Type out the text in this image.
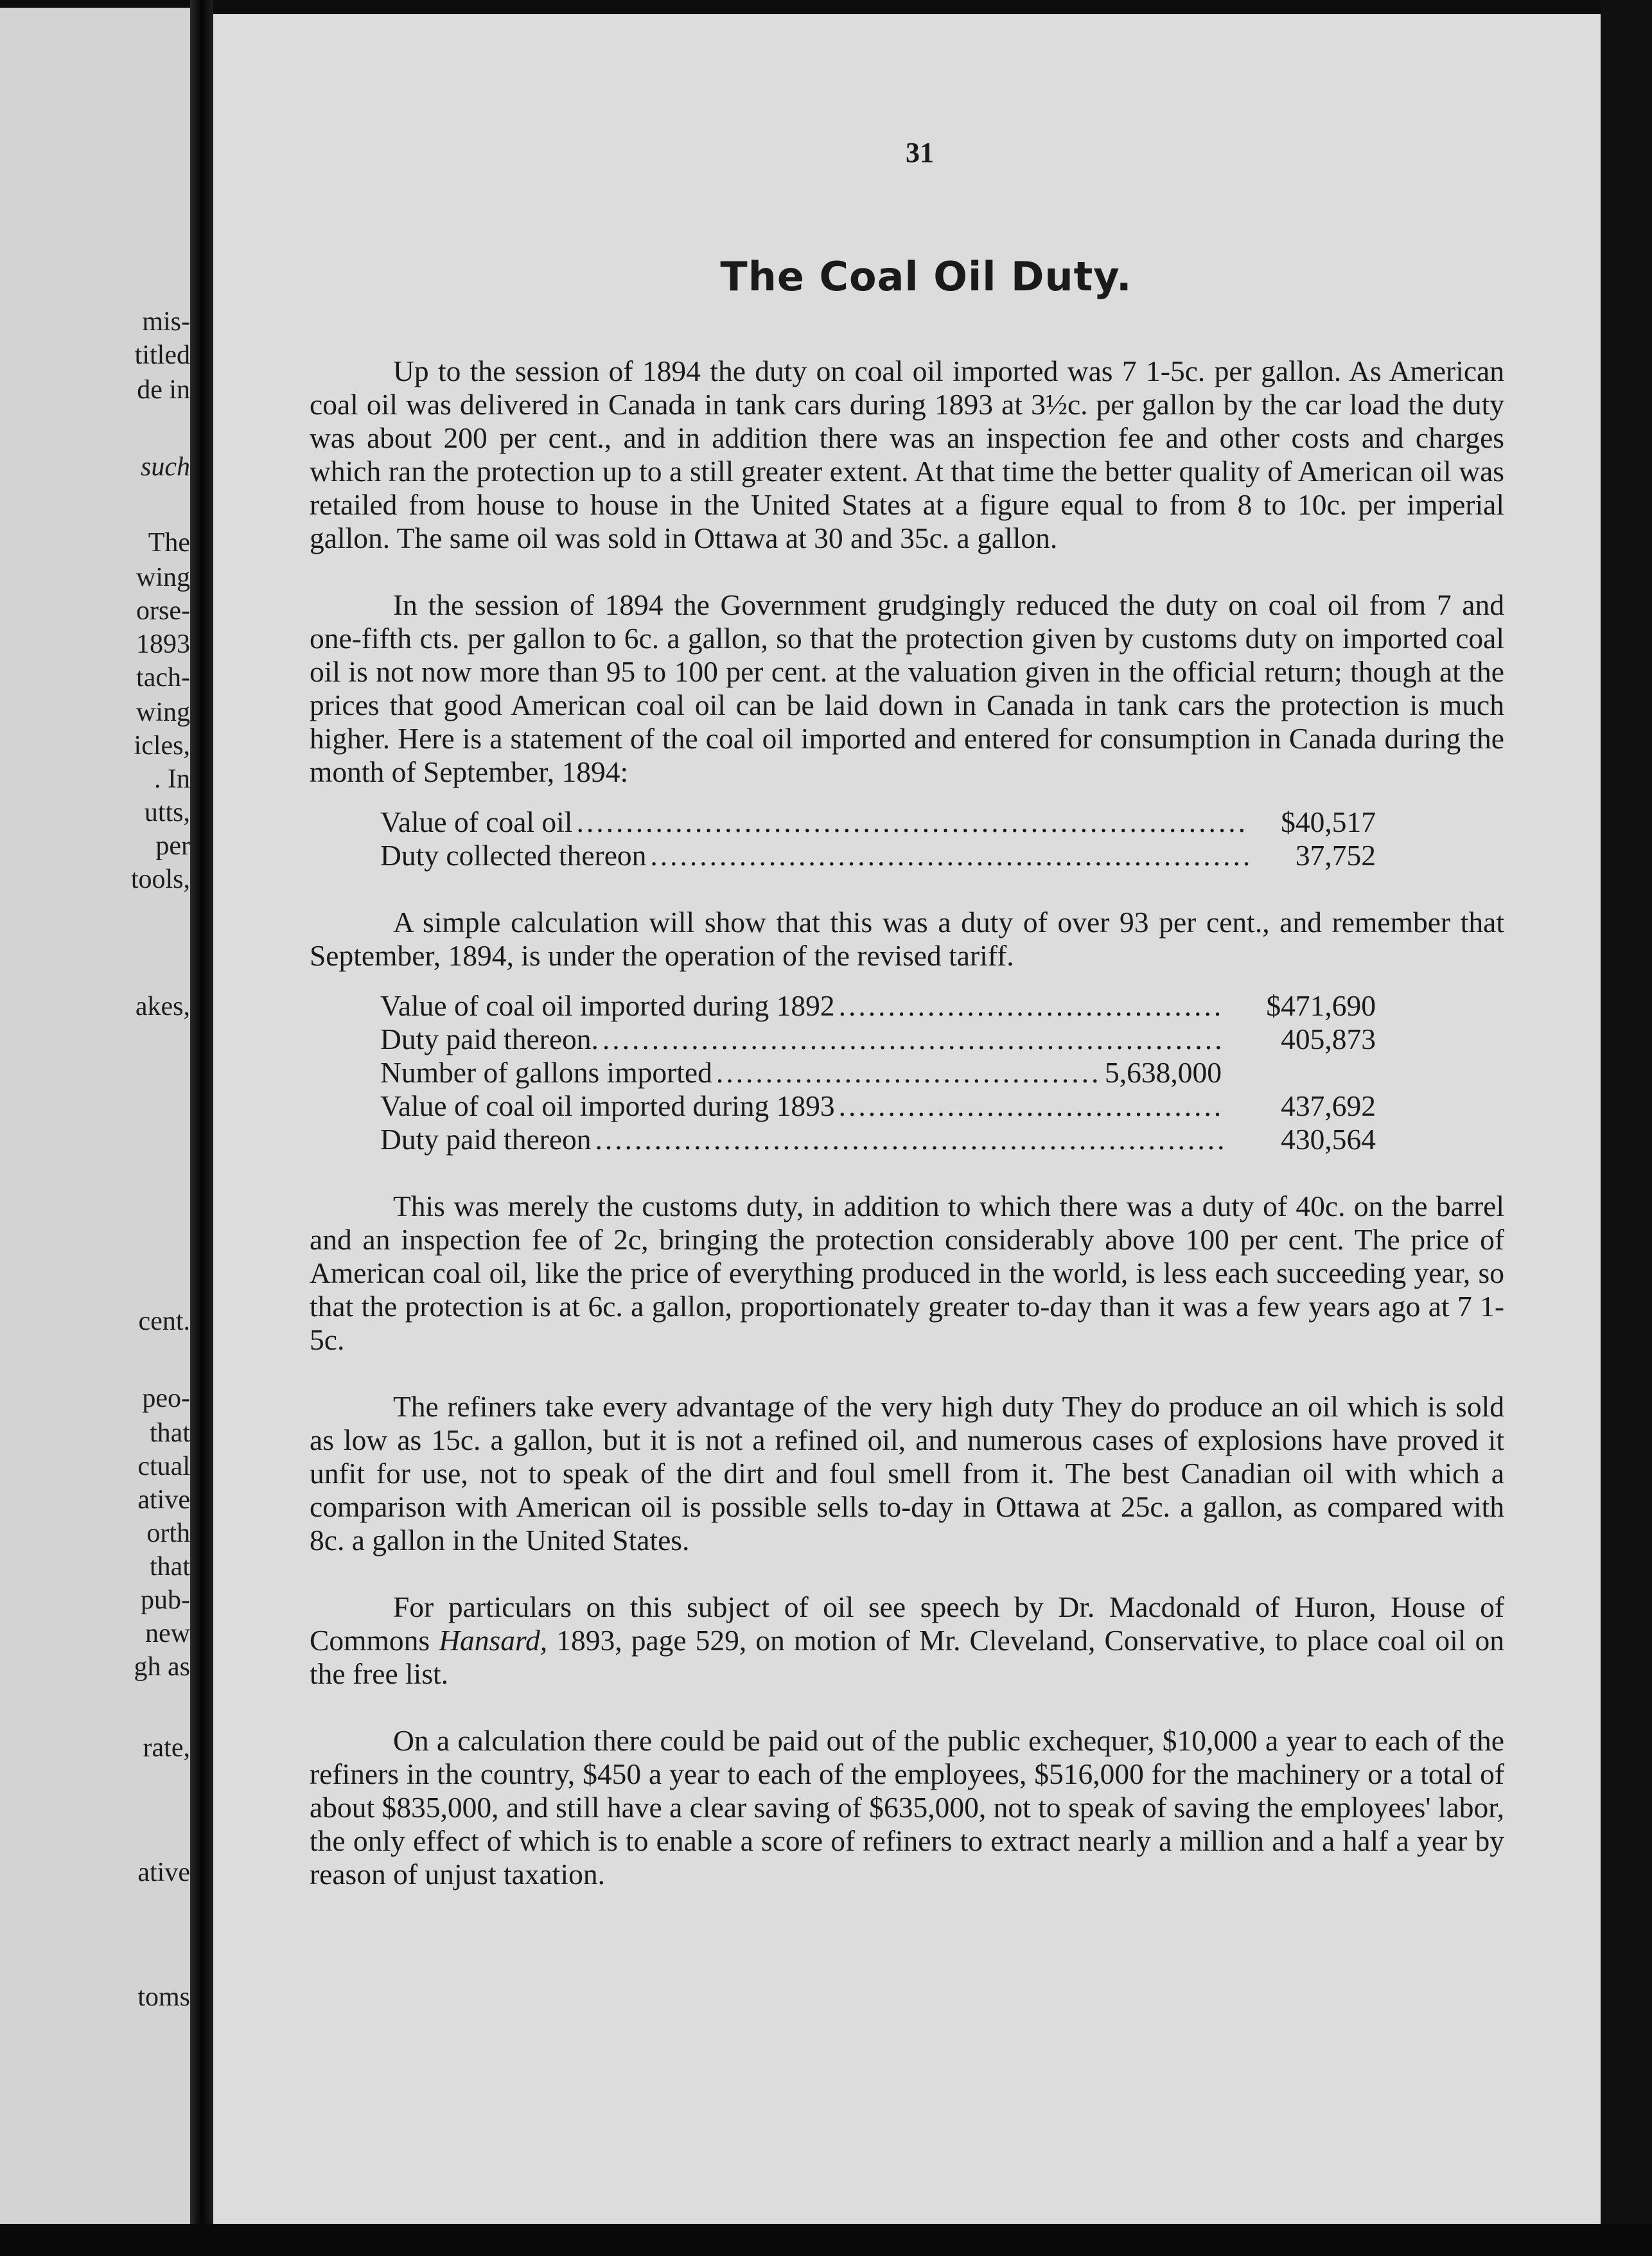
mis-
titled
de in
such
The
wing
orse-
1893
tach-
wing
icles,
. In
utts,
per
tools,
akes,
cent.
peo-
that
ctual
ative
orth
that
pub-
new
gh as
rate,
ative
toms
31
The Coal Oil Duty.

Up to the session of 1894 the duty on coal oil imported was 7 1-5c. per gallon. As American coal oil was delivered in Canada in tank cars during 1893 at 3½c. per gallon by the car load the duty was about 200 per cent., and in addition there was an inspection fee and other costs and charges which ran the protection up to a still greater extent. At that time the better quality of American oil was retailed from house to house in the United States at a figure equal to from 8 to 10c. per imperial gallon. The same oil was sold in Ottawa at 30 and 35c. a gallon.

In the session of 1894 the Government grudgingly reduced the duty on coal oil from 7 and one-fifth cts. per gallon to 6c. a gallon, so that the protection given by customs duty on imported coal oil is not now more than 95 to 100 per cent. at the valuation given in the official return; though at the prices that good American coal oil can be laid down in Canada in tank cars the protection is much higher. Here is a statement of the coal oil imported and entered for consumption in Canada during the month of September, 1894:

Value of coal oil .....	$40,517
Duty collected thereon .....	37,752

A simple calculation will show that this was a duty of over 93 per cent., and remember that September, 1894, is under the operation of the revised tariff.

Value of coal oil imported during 1892 .....	$471,690
Duty paid thereon. .....	405,873
Number of gallons imported .....	5,638,000
Value of coal oil imported during 1893 .....	437,692
Duty paid thereon .....	430,564

This was merely the customs duty, in addition to which there was a duty of 40c. on the barrel and an inspection fee of 2c, bringing the protection considerably above 100 per cent. The price of American coal oil, like the price of everything produced in the world, is less each succeeding year, so that the protection is at 6c. a gallon, proportionately greater to-day than it was a few years ago at 7 1-5c.

The refiners take every advantage of the very high duty They do produce an oil which is sold as low as 15c. a gallon, but it is not a refined oil, and numerous cases of explosions have proved it unfit for use, not to speak of the dirt and foul smell from it. The best Canadian oil with which a comparison with American oil is possible sells to-day in Ottawa at 25c. a gallon, as compared with 8c. a gallon in the United States.

For particulars on this subject of oil see speech by Dr. Macdonald of Huron, House of Commons Hansard, 1893, page 529, on motion of Mr. Cleveland, Conservative, to place coal oil on the free list.

On a calculation there could be paid out of the public exchequer, $10,000 a year to each of the refiners in the country, $450 a year to each of the employees, $516,000 for the machinery or a total of about $835,000, and still have a clear saving of $635,000, not to speak of saving the employees' labor, the only effect of which is to enable a score of refiners to extract nearly a million and a half a year by reason of unjust taxation.
